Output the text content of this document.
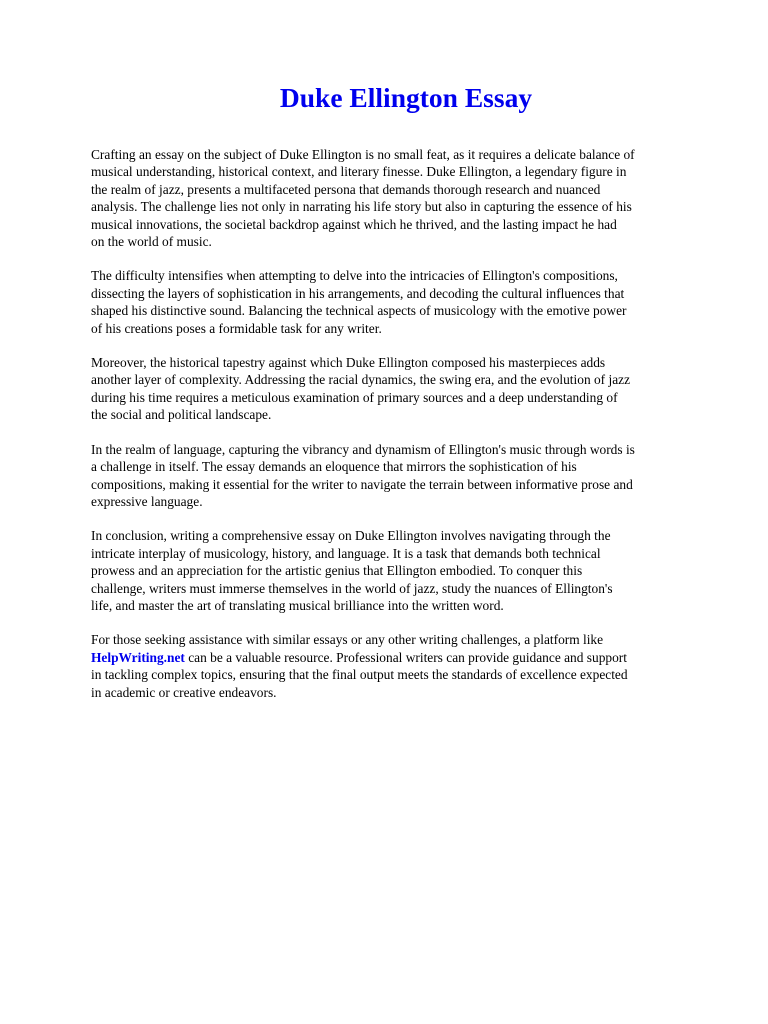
Duke Ellington Essay

Crafting an essay on the subject of Duke Ellington is no small feat, as it requires a delicate balance of
musical understanding, historical context, and literary finesse. Duke Ellington, a legendary figure in
the realm of jazz, presents a multifaceted persona that demands thorough research and nuanced
analysis. The challenge lies not only in narrating his life story but also in capturing the essence of his
musical innovations, the societal backdrop against which he thrived, and the lasting impact he had
on the world of music.

The difficulty intensifies when attempting to delve into the intricacies of Ellington's compositions,
dissecting the layers of sophistication in his arrangements, and decoding the cultural influences that
shaped his distinctive sound. Balancing the technical aspects of musicology with the emotive power
of his creations poses a formidable task for any writer.

Moreover, the historical tapestry against which Duke Ellington composed his masterpieces adds
another layer of complexity. Addressing the racial dynamics, the swing era, and the evolution of jazz
during his time requires a meticulous examination of primary sources and a deep understanding of
the social and political landscape.

In the realm of language, capturing the vibrancy and dynamism of Ellington's music through words is
a challenge in itself. The essay demands an eloquence that mirrors the sophistication of his
compositions, making it essential for the writer to navigate the terrain between informative prose and
expressive language.

In conclusion, writing a comprehensive essay on Duke Ellington involves navigating through the
intricate interplay of musicology, history, and language. It is a task that demands both technical
prowess and an appreciation for the artistic genius that Ellington embodied. To conquer this
challenge, writers must immerse themselves in the world of jazz, study the nuances of Ellington's
life, and master the art of translating musical brilliance into the written word.

For those seeking assistance with similar essays or any other writing challenges, a platform like
HelpWriting.net can be a valuable resource. Professional writers can provide guidance and support
in tackling complex topics, ensuring that the final output meets the standards of excellence expected
in academic or creative endeavors.
